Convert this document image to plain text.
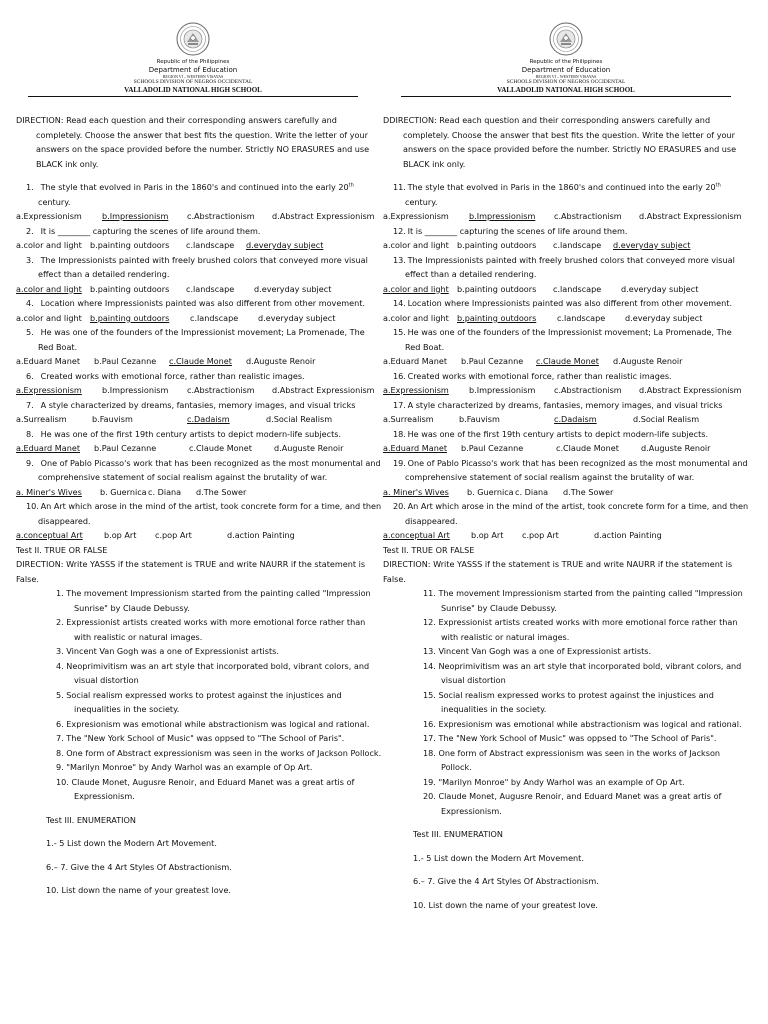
Republic of the Philippines
Department of Education
REGION VI – WESTERN VISAYAS
SCHOOLS DIVISION OF NEGROS OCCIDENTAL
VALLADOLID NATIONAL HIGH SCHOOL

DIRECTION: Read each question and their corresponding answers carefully and completely. Choose the answer that best fits the question. Write the letter of your answers on the space provided before the number. Strictly NO ERASURES and use BLACK ink only.

1. The style that evolved in Paris in the 1860's and continued into the early 20th century.

a.Expressionism	b.Impressionism	c.Abstractionism	d.Abstract Expressionism

2. It is ________ capturing the scenes of life around them.

a.color and light	b.painting outdoors	c.landscape	d.everyday subject

3. The Impressionists painted with freely brushed colors that conveyed more visual effect than a detailed rendering.

a.color and light	b.painting outdoors	c.landscape	d.everyday subject

4. Location where Impressionists painted was also different from other movement.

a.color and light	b.painting outdoors	c.landscape	d.everyday subject

5. He was one of the founders of the Impressionist movement; La Promenade, The Red Boat.

a.Eduard Manet	b.Paul Cezanne	c.Claude Monet	d.Auguste Renoir

6. Created works with emotional force, rather than realistic images.

a.Expressionism	b.Impressionism	c.Abstractionism	d.Abstract Expressionism

7. A style characterized by dreams, fantasies, memory images, and visual tricks

a.Surrealism	b.Fauvism	c.Dadaism	d.Social Realism

8. He was one of the first 19th century artists to depict modern-life subjects.

a.Eduard Manet	b.Paul Cezanne	c.Claude Monet	d.Auguste Renoir

9. One of Pablo Picasso's work that has been recognized as the most monumental and comprehensive statement of social realism against the brutality of war.

a. Miner's Wives	b. Guernica c. Diana	d.The Sower

10. An Art which arose in the mind of the artist, took concrete form for a time, and then disappeared.

a.conceptual Art	b.op Art	c.pop Art	d.action Painting

Test II. TRUE OR FALSE

DIRECTION: Write YASSS if the statement is TRUE and write NAURR if the statement is False.

1. The movement Impressionism started from the painting called "Impression Sunrise" by Claude Debussy.

2. Expressionist artists created works with more emotional force rather than with realistic or natural images.

3. Vincent Van Gogh was a one of Expressionist artists.

4. Neoprimivitism was an art style that incorporated bold, vibrant colors, and visual distortion

5. Social realism expressed works to protest against the injustices and inequalities in the society.

6. Expresionism was emotional while abstractionism was logical and rational.

7. The "New York School of Music" was oppsed to "The School of Paris".

8. One form of Abstract expressionism was seen in the works of Jackson Pollock.

9. "Marilyn Monroe" by Andy Warhol was an example of Op Art.

10. Claude Monet, Augusre Renoir, and Eduard Manet was a great artis of Expressionism.

Test III. ENUMERATION

1.- 5 List down the Modern Art Movement.

6.– 7. Give the 4 Art Styles Of Abstractionism.

10. List down the name of your greatest love.

Republic of the Philippines
Department of Education
REGION VI – WESTERN VISAYAS
SCHOOLS DIVISION OF NEGROS OCCIDENTAL
VALLADOLID NATIONAL HIGH SCHOOL

DDIRECTION: Read each question and their corresponding answers carefully and completely. Choose the answer that best fits the question. Write the letter of your answers on the space provided before the number. Strictly NO ERASURES and use BLACK ink only.

11. The style that evolved in Paris in the 1860's and continued into the early 20th century.

a.Expressionism	b.Impressionism	c.Abstractionism	d.Abstract Expressionism

12. It is ________ capturing the scenes of life around them.

a.color and light	b.painting outdoors	c.landscape	d.everyday subject

13. The Impressionists painted with freely brushed colors that conveyed more visual effect than a detailed rendering.

a.color and light	b.painting outdoors	c.landscape	d.everyday subject

14. Location where Impressionists painted was also different from other movement.

a.color and light	b.painting outdoors	c.landscape	d.everyday subject

15. He was one of the founders of the Impressionist movement; La Promenade, The Red Boat.

a.Eduard Manet	b.Paul Cezanne	c.Claude Monet	d.Auguste Renoir

16. Created works with emotional force, rather than realistic images.

a.Expressionism	b.Impressionism	c.Abstractionism	d.Abstract Expressionism

17. A style characterized by dreams, fantasies, memory images, and visual tricks

a.Surrealism	b.Fauvism	c.Dadaism	d.Social Realism

18. He was one of the first 19th century artists to depict modern-life subjects.

a.Eduard Manet	b.Paul Cezanne	c.Claude Monet	d.Auguste Renoir

19. One of Pablo Picasso's work that has been recognized as the most monumental and comprehensive statement of social realism against the brutality of war.

a. Miner's Wives	b. Guernica c. Diana	d.The Sower

20. An Art which arose in the mind of the artist, took concrete form for a time, and then disappeared.

a.conceptual Art	b.op Art	c.pop Art	d.action Painting

Test II. TRUE OR FALSE

DIRECTION: Write YASSS if the statement is TRUE and write NAURR if the statement is False.

11. The movement Impressionism started from the painting called "Impression Sunrise" by Claude Debussy.

12. Expressionist artists created works with more emotional force rather than with realistic or natural images.

13. Vincent Van Gogh was a one of Expressionist artists.

14. Neoprimivitism was an art style that incorporated bold, vibrant colors, and visual distortion

15. Social realism expressed works to protest against the injustices and inequalities in the society.

16. Expresionism was emotional while abstractionism was logical and rational.

17. The "New York School of Music" was oppsed to "The School of Paris".

18. One form of Abstract expressionism was seen in the works of Jackson Pollock.

19. "Marilyn Monroe" by Andy Warhol was an example of Op Art.

20. Claude Monet, Augusre Renoir, and Eduard Manet was a great artis of Expressionism.

Test III. ENUMERATION

1.- 5 List down the Modern Art Movement.

6.– 7. Give the 4 Art Styles Of Abstractionism.

10. List down the name of your greatest love.
